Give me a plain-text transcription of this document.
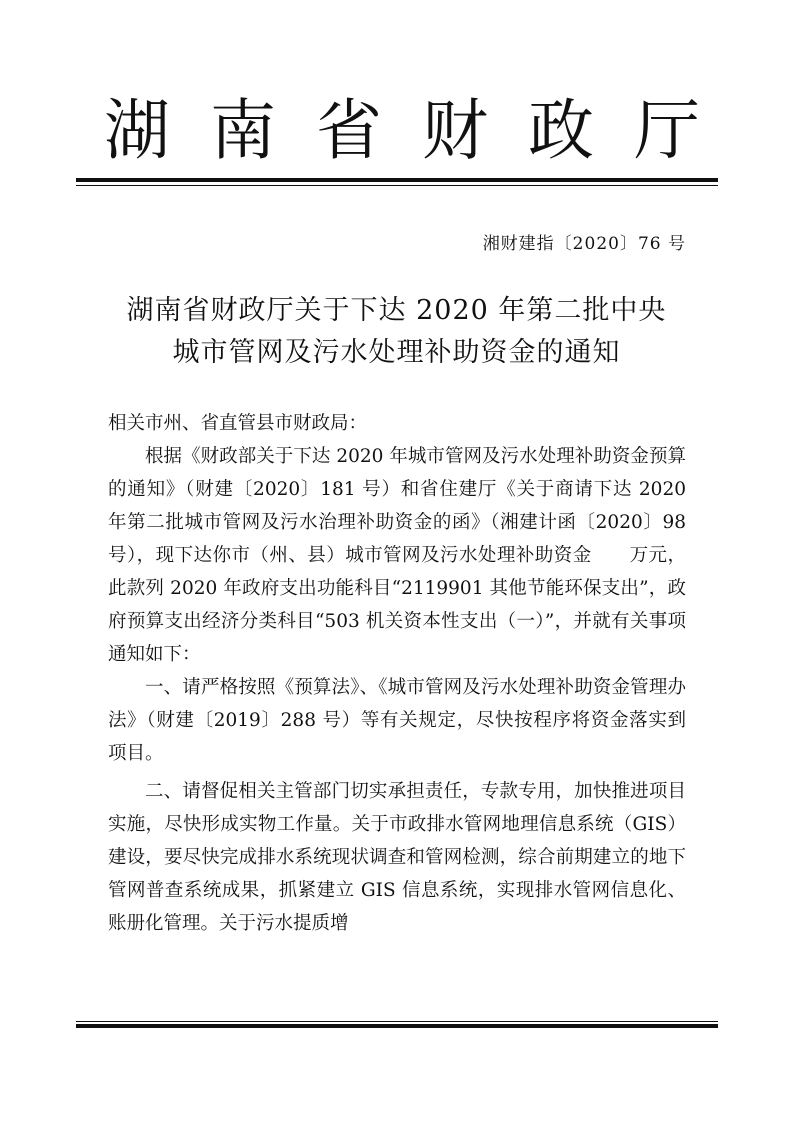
湖 南 省 财 政 厅
湘财建指〔2020〕76 号
湖南省财政厅关于下达 2020 年第二批中央
城市管网及污水处理补助资金的通知

相关市州、省直管县市财政局：

根据《财政部关于下达 2020 年城市管网及污水处理补助资金预算的通知》（财建〔2020〕181 号）和省住建厅《关于商请下达 2020 年第二批城市管网及污水治理补助资金的函》（湘建计函〔2020〕98 号），现下达你市（州、县）城市管网及污水处理补助资金　　万元，此款列 2020 年政府支出功能科目“2119901 其他节能环保支出”，政府预算支出经济分类科目“503 机关资本性支出（一）”，并就有关事项通知如下：

一、请严格按照《预算法》、《城市管网及污水处理补助资金管理办法》（财建〔2019〕288 号）等有关规定，尽快按程序将资金落实到项目。

二、请督促相关主管部门切实承担责任，专款专用，加快推进项目实施，尽快形成实物工作量。关于市政排水管网地理信息系统（GIS）建设，要尽快完成排水系统现状调查和管网检测，综合前期建立的地下管网普查系统成果，抓紧建立 GIS 信息系统，实现排水管网信息化、账册化管理。关于污水提质增
